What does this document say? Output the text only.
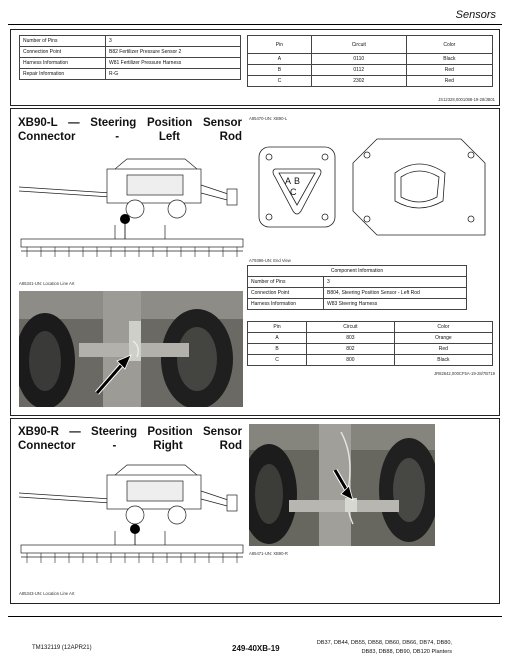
Sensors
Number of Pins	3
Connection Point	B82 Fertilizer Pressure Sensor 2
Harness Information	W81 Fertilizer Pressure Harness
Repair Information	R-G
Pin	Circuit	Color
A	0110	Black
B	0112	Red
C	2302	Red
JS12328,0001088-19-28/JB01
XB90-L — Steering Position Sensor Connector - Left Rod
A85341-UN: Location Line Art
A85470-UN: XB90-L
A B
C
A79396-UN: End View
Component Information	
Number of Pins	3
Connection Point	B804, Steering Position Sensor - Left Rod
Harness Information	W83 Steering Harness
Pin	Circuit	Color
A	803	Orange
B	802	Red
C	800	Black
JR82642,000CF5A-19-28/7B719
XB90-R — Steering Position Sensor Connector - Right Rod
A85343-UN: Location Line Art
A85471-UN: XB90-R
TM132119 (12APR21)	249-40XB-19
DB37, DB44, DB55, DB58, DB60, DB66, DB74, DB80, DB83, DB88, DB90, DB120 Planters
